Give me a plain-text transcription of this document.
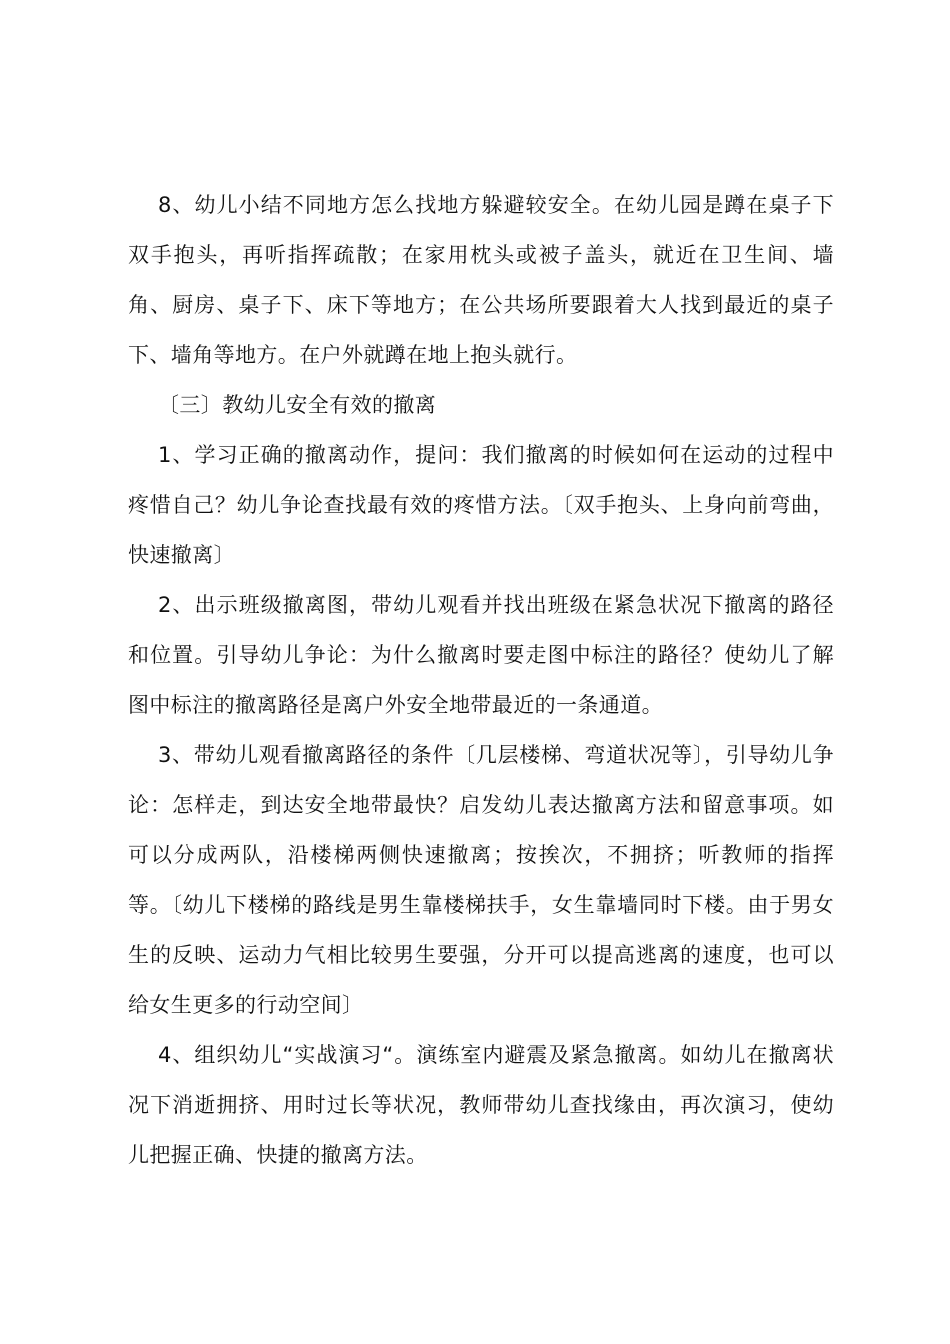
8、幼儿小结不同地方怎么找地方躲避较安全。在幼儿园是蹲在桌子下双手抱头，再听指挥疏散；在家用枕头或被子盖头，就近在卫生间、墙角、厨房、桌子下、床下等地方；在公共场所要跟着大人找到最近的桌子下、墙角等地方。在户外就蹲在地上抱头就行。

〔三〕教幼儿安全有效的撤离

1、学习正确的撤离动作，提问：我们撤离的时候如何在运动的过程中疼惜自己？幼儿争论查找最有效的疼惜方法。〔双手抱头、上身向前弯曲，快速撤离〕

2、出示班级撤离图，带幼儿观看并找出班级在紧急状况下撤离的路径和位置。引导幼儿争论：为什么撤离时要走图中标注的路径？使幼儿了解图中标注的撤离路径是离户外安全地带最近的一条通道。

3、带幼儿观看撤离路径的条件〔几层楼梯、弯道状况等〕，引导幼儿争论：怎样走，到达安全地带最快？启发幼儿表达撤离方法和留意事项。如可以分成两队，沿楼梯两侧快速撤离；按挨次，不拥挤；听教师的指挥等。〔幼儿下楼梯的路线是男生靠楼梯扶手，女生靠墙同时下楼。由于男女生的反映、运动力气相比较男生要强，分开可以提高逃离的速度，也可以给女生更多的行动空间〕

4、组织幼儿“实战演习“。演练室内避震及紧急撤离。如幼儿在撤离状况下消逝拥挤、用时过长等状况，教师带幼儿查找缘由，再次演习，使幼儿把握正确、快捷的撤离方法。
